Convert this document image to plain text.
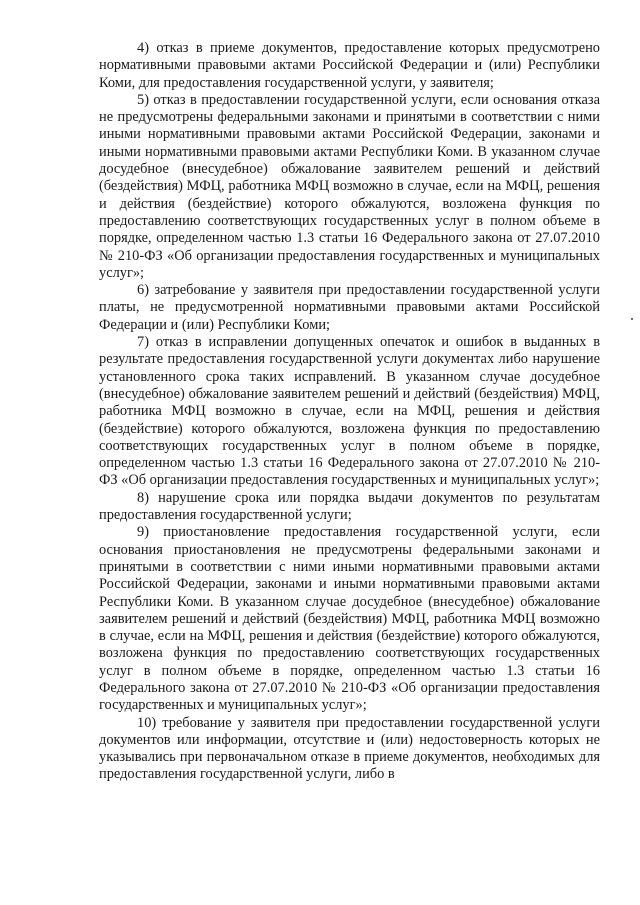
4) отказ в приеме документов, предоставление которых предусмотрено нормативными правовыми актами Российской Федерации и (или) Республики Коми, для предоставления государственной услуги, у заявителя;

5) отказ в предоставлении государственной услуги, если основания отказа не предусмотрены федеральными законами и принятыми в соответствии с ними иными нормативными правовыми актами Российской Федерации, законами и иными нормативными правовыми актами Республики Коми. В указанном случае досудебное (внесудебное) обжалование заявителем решений и действий (бездействия) МФЦ, работника МФЦ возможно в случае, если на МФЦ, решения и действия (бездействие) которого обжалуются, возложена функция по предоставлению соответствующих государственных услуг в полном объеме в порядке, определенном частью 1.3 статьи 16 Федерального закона от 27.07.2010 № 210-ФЗ «Об организации предоставления государственных и муниципальных услуг»;

6) затребование у заявителя при предоставлении государственной услуги платы, не предусмотренной нормативными правовыми актами Российской Федерации и (или) Республики Коми;

7) отказ в исправлении допущенных опечаток и ошибок в выданных в результате предоставления государственной услуги документах либо нарушение установленного срока таких исправлений. В указанном случае досудебное (внесудебное) обжалование заявителем решений и действий (бездействия) МФЦ, работника МФЦ возможно в случае, если на МФЦ, решения и действия (бездействие) которого обжалуются, возложена функция по предоставлению соответствующих государственных услуг в полном объеме в порядке, определенном частью 1.3 статьи 16 Федерального закона от 27.07.2010 № 210-ФЗ «Об организации предоставления государственных и муниципальных услуг»;

8) нарушение срока или порядка выдачи документов по результатам предоставления государственной услуги;

9) приостановление предоставления государственной услуги, если основания приостановления не предусмотрены федеральными законами и принятыми в соответствии с ними иными нормативными правовыми актами Российской Федерации, законами и иными нормативными правовыми актами Республики Коми. В указанном случае досудебное (внесудебное) обжалование заявителем решений и действий (бездействия) МФЦ, работника МФЦ возможно в случае, если на МФЦ, решения и действия (бездействие) которого обжалуются, возложена функция по предоставлению соответствующих государственных услуг в полном объеме в порядке, определенном частью 1.3 статьи 16 Федерального закона от 27.07.2010 № 210-ФЗ «Об организации предоставления государственных и муниципальных услуг»;

10) требование у заявителя при предоставлении государственной услуги документов или информации, отсутствие и (или) недостоверность которых не указывались при первоначальном отказе в приеме документов, необходимых для предоставления государственной услуги, либо в
